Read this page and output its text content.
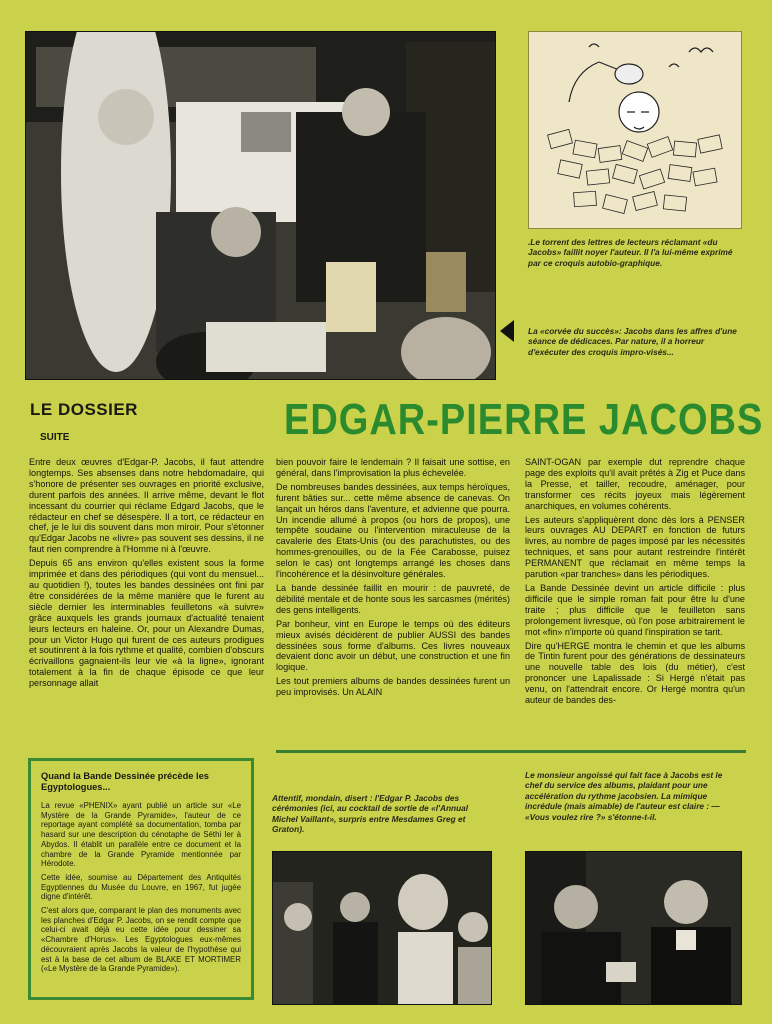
.Le torrent des lettres de lecteurs réclamant «du Jacobs» faillit noyer l'auteur. Il l'a lui-même exprimé par ce croquis autobio-graphique.
La «corvée du succès»: Jacobs dans les affres d'une séance de dédicaces. Par nature, il a horreur d'exécuter des croquis impro-visés...
LE DOSSIER
SUITE	EDGAR-PIERRE JACOBS

Entre deux œuvres d'Edgar-P. Jacobs, il faut attendre longtemps. Ses absenses dans notre hebdomadaire, qui s'honore de présenter ses ouvrages en priorité exclusive, durent parfois des années. Il arrive même, devant le flot incessant du courrier qui réclame Edgard Jacobs, que le rédacteur en chef se désespère. Il a tort, ce rédacteur en chef, je le lui dis souvent dans mon miroir. Pour s'étonner qu'Edgar Jacobs ne «livre» pas souvent ses dessins, il ne faut rien comprendre à l'Homme ni à l'œuvre.

Depuis 65 ans environ qu'elles existent sous la forme imprimée et dans des périodiques (qui vont du mensuel... au quotidien !), toutes les bandes dessinées ont fini par être considérées de la même manière que le furent au siècle dernier les interminables feuilletons «à suivre» grâce auxquels les grands journaux d'actualité tenaient leurs lecteurs en haleine. Or, pour un Alexandre Dumas, pour un Victor Hugo qui furent de ces auteurs prodigues et soutinrent à la fois rythme et qualité, combien d'obscurs écrivaillons gagnaient-ils leur vie «à la ligne», ignorant totalement à la fin de chaque épisode ce que leur personnage allait

bien pouvoir faire le lendemain ? Il faisait une sottise, en général, dans l'improvisation la plus échevelée.

De nombreuses bandes dessinées, aux temps héroïques, furent bâties sur... cette même absence de canevas. On lançait un héros dans l'aventure, et advienne que pourra. Un incendie allumé à propos (ou hors de propos), une tempête soudaine ou l'intervention miraculeuse de la cavalerie des Etats-Unis (ou des parachutistes, ou des hommes-grenouilles, ou de la Fée Carabosse, puisez selon le cas) ont longtemps arrangé les choses dans l'incohérence et la désinvolture générales.

La bande dessinée faillit en mourir : de pauvreté, de débilité mentale et de honte sous les sarcasmes (mérités) des gens intelligents.

Par bonheur, vint en Europe le temps où des éditeurs mieux avisés décidèrent de publier AUSSI des bandes dessinées sous forme d'albums. Ces livres nouveaux devaient donc avoir un début, une construction et une fin logique.

Les tout premiers albums de bandes dessinées furent un peu improvisés. Un ALAIN

SAINT-OGAN par exemple dut reprendre chaque page des exploits qu'il avait prêtés à Zig et Puce dans la Presse, et tailler, recoudre, aménager, pour transformer ces récits joyeux mais légèrement anarchiques, en volumes cohérents.

Les auteurs s'appliquèrent donc dès lors à PENSER leurs ouvrages AU DEPART en fonction de futurs livres, au nombre de pages imposé par les nécessités techniques, et sans pour autant restreindre l'intérêt PERMANENT que réclamait en même temps la parution «par tranches» dans les périodiques.

La Bande Dessinée devint un article difficile : plus difficile que le simple roman fait pour être lu d'une traite ; plus difficile que le feuilleton sans prolongement livresque, où l'on pose arbitrairement le mot «fin» n'importe où quand l'inspiration se tarit.

Dire qu'HERGE montra le chemin et que les albums de Tintin furent pour des générations de dessinateurs une nouvelle table des lois (du métier), c'est prononcer une Lapalissade : Si Hergé n'était pas venu, on l'attendrait encore. Or Hergé montra qu'un auteur de bandes des-

Quand la Bande Dessinée précède les Egyptologues...

La revue «PHENIX» ayant publié un article sur «Le Mystère de la Grande Pyramide», l'auteur de ce reportage ayant complété sa documentation, tomba par hasard sur une description du cénotaphe de Séthi Ier à Abydos. Il établit un parallèle entre ce document et la chambre de la Grande Pyramide mentionnée par Hérodote.

Cette idée, soumise au Département des Antiquités Egyptiennes du Musée du Louvre, en 1967, fut jugée digne d'intérêt.

C'est alors que, comparant le plan des monuments avec les planches d'Edgar P. Jacobs, on se rendit compte que celui-ci avait déjà eu cette idée pour dessiner sa «Chambre d'Horus». Les Egyptologues eux-mêmes découvraient après Jacobs la valeur de l'hypothèse qui est à la base de cet album de BLAKE ET MORTIMER («Le Mystère de la Grande Pyramide»).

Attentif, mondain, disert : l'Edgar P. Jacobs des cérémonies (ici, au cocktail de sortie de «l'Annual Michel Vaillant», surpris entre Mesdames Greg et Graton).
Le monsieur angoissé qui fait face à Jacobs est le chef du service des albums, plaidant pour une accélération du rythme jacobsien. La mimique incrédule (mais aimable) de l'auteur est claire : — «Vous voulez rire ?» s'étonne-t-il.
